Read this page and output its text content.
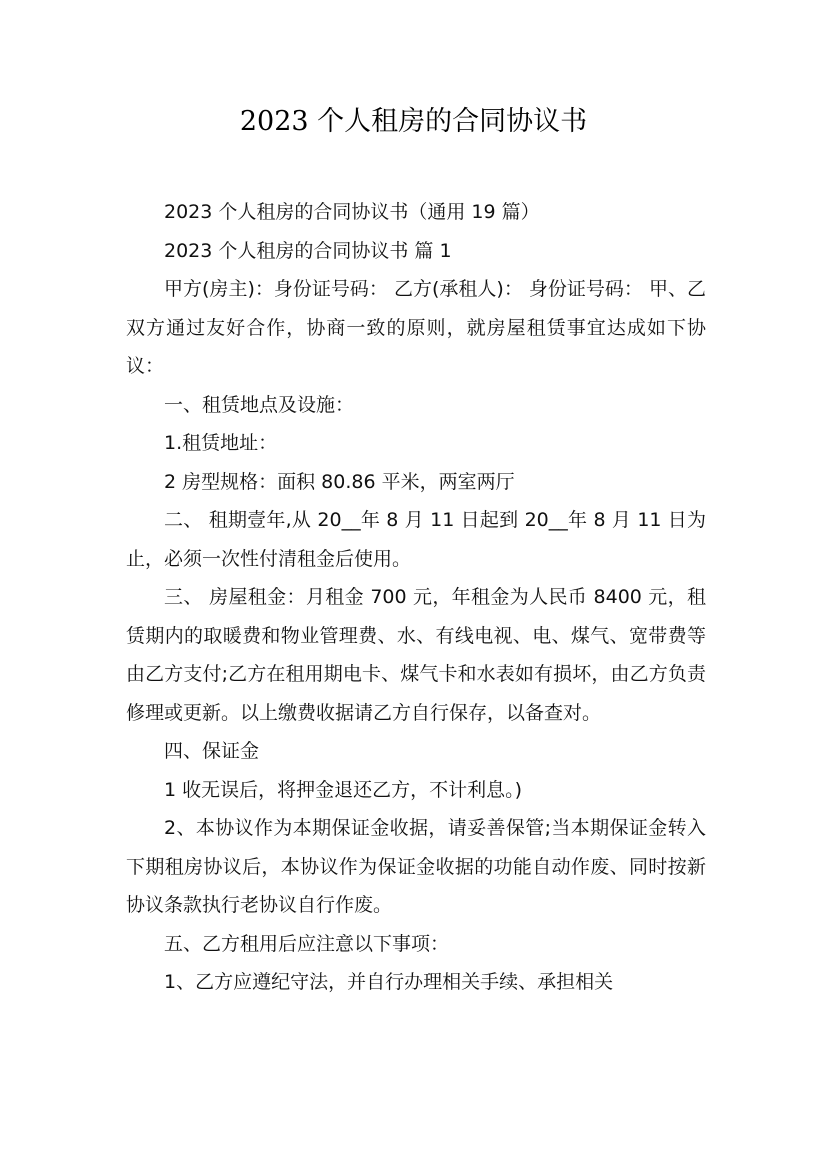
2023 个人租房的合同协议书

2023 个人租房的合同协议书（通用 19 篇）

2023 个人租房的合同协议书 篇 1

甲方(房主)：身份证号码： 乙方(承租人)： 身份证号码： 甲、乙双方通过友好合作，协商一致的原则，就房屋租赁事宜达成如下协议：

一、租赁地点及设施：

1.租赁地址：

2 房型规格：面积 80.86 平米，两室两厅

二、 租期壹年,从 20__年 8 月 11 日起到 20__年 8 月 11 日为止，必须一次性付清租金后使用。

三、 房屋租金：月租金 700 元，年租金为人民币 8400 元，租赁期内的取暖费和物业管理费、水、有线电视、电、煤气、宽带费等由乙方支付;乙方在租用期电卡、煤气卡和水表如有损坏，由乙方负责修理或更新。以上缴费收据请乙方自行保存，以备查对。

四、保证金

1 收无误后，将押金退还乙方，不计利息。)

2、本协议作为本期保证金收据，请妥善保管;当本期保证金转入下期租房协议后，本协议作为保证金收据的功能自动作废、同时按新协议条款执行老协议自行作废。

五、乙方租用后应注意以下事项：

1、乙方应遵纪守法，并自行办理相关手续、承担相关
